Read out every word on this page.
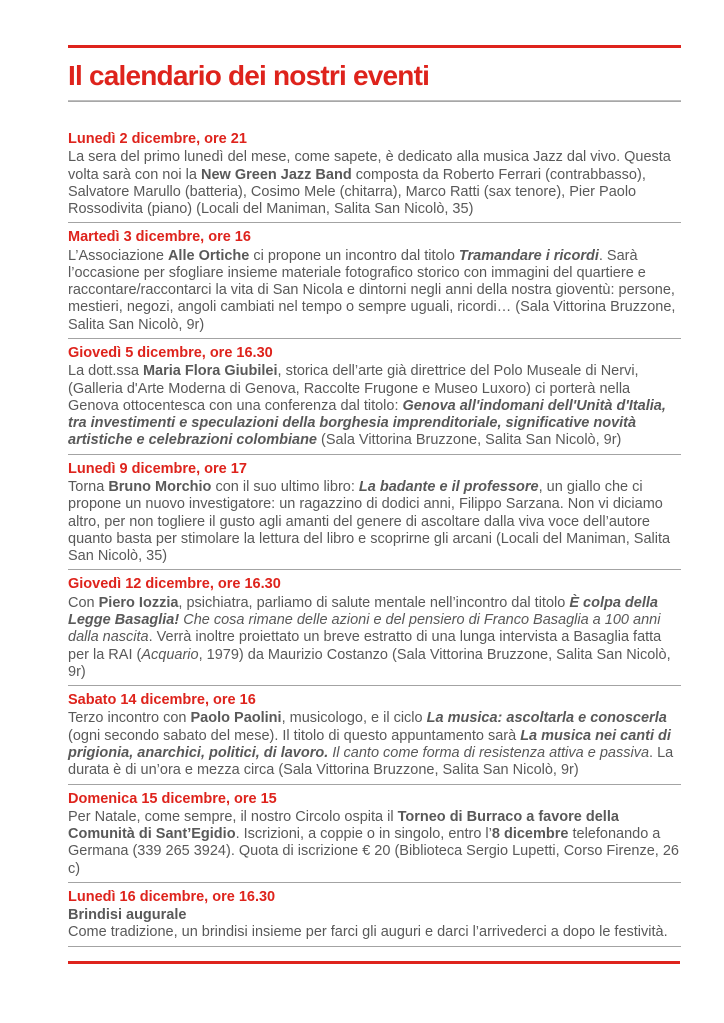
Il calendario dei nostri eventi
Lunedì 2 dicembre, ore 21

La sera del primo lunedì del mese, come sapete, è dedicato alla musica Jazz dal vivo. Questa volta sarà con noi la New Green Jazz Band composta da Roberto Ferrari (contrabbasso), Salvatore Marullo (batteria), Cosimo Mele (chitarra), Marco Ratti (sax tenore), Pier Paolo Rossodivita (piano) (Locali del Maniman, Salita San Nicolò, 35)

Martedì 3 dicembre, ore 16

L’Associazione Alle Ortiche ci propone un incontro dal titolo Tramandare i ricordi. Sarà l’occasione per sfogliare insieme materiale fotografico storico con immagini del quartiere e raccontare/raccontarci la vita di San Nicola e dintorni negli anni della nostra gioventù: persone, mestieri, negozi, angoli cambiati nel tempo o sempre uguali, ricordi… (Sala Vittorina Bruzzone, Salita San Nicolò, 9r)

Giovedì 5 dicembre, ore 16.30

La dott.ssa Maria Flora Giubilei, storica dell’arte già direttrice del Polo Museale di Nervi, (Galleria d'Arte Moderna di Genova, Raccolte Frugone e Museo Luxoro) ci porterà nella Genova ottocentesca con una conferenza dal titolo: Genova all'indomani dell'Unità d'Italia, tra investimenti e speculazioni della borghesia imprenditoriale, significative novità artistiche e celebrazioni colombiane (Sala Vittorina Bruzzone, Salita San Nicolò, 9r)

Lunedì 9 dicembre, ore 17

Torna Bruno Morchio con il suo ultimo libro: La badante e il professore, un giallo che ci propone un nuovo investigatore: un ragazzino di dodici anni, Filippo Sarzana. Non vi diciamo altro, per non togliere il gusto agli amanti del genere di ascoltare dalla viva voce dell’autore quanto basta per stimolare la lettura del libro e scoprirne gli arcani (Locali del Maniman, Salita San Nicolò, 35)

Giovedì 12 dicembre, ore 16.30

Con Piero Iozzia, psichiatra, parliamo di salute mentale nell’incontro dal titolo È colpa della Legge Basaglia! Che cosa rimane delle azioni e del pensiero di Franco Basaglia a 100 anni dalla nascita. Verrà inoltre proiettato un breve estratto di una lunga intervista a Basaglia fatta per la RAI (Acquario, 1979) da Maurizio Costanzo (Sala Vittorina Bruzzone, Salita San Nicolò, 9r)

Sabato 14 dicembre, ore 16

Terzo incontro con Paolo Paolini, musicologo, e il ciclo La musica: ascoltarla e conoscerla (ogni secondo sabato del mese). Il titolo di questo appuntamento sarà La musica nei canti di prigionia, anarchici, politici, di lavoro. Il canto come forma di resistenza attiva e passiva. La durata è di un’ora e mezza circa (Sala Vittorina Bruzzone, Salita San Nicolò, 9r)

Domenica 15 dicembre, ore 15

Per Natale, come sempre, il nostro Circolo ospita il Torneo di Burraco a favore della Comunità di Sant’Egidio. Iscrizioni, a coppie o in singolo, entro l’8 dicembre telefonando a Germana (339 265 3924). Quota di iscrizione € 20 (Biblioteca Sergio Lupetti, Corso Firenze, 26 c)

Lunedì 16 dicembre, ore 16.30

Brindisi augurale

Come tradizione, un brindisi insieme per farci gli auguri e darci l’arrivederci a dopo le festività.
